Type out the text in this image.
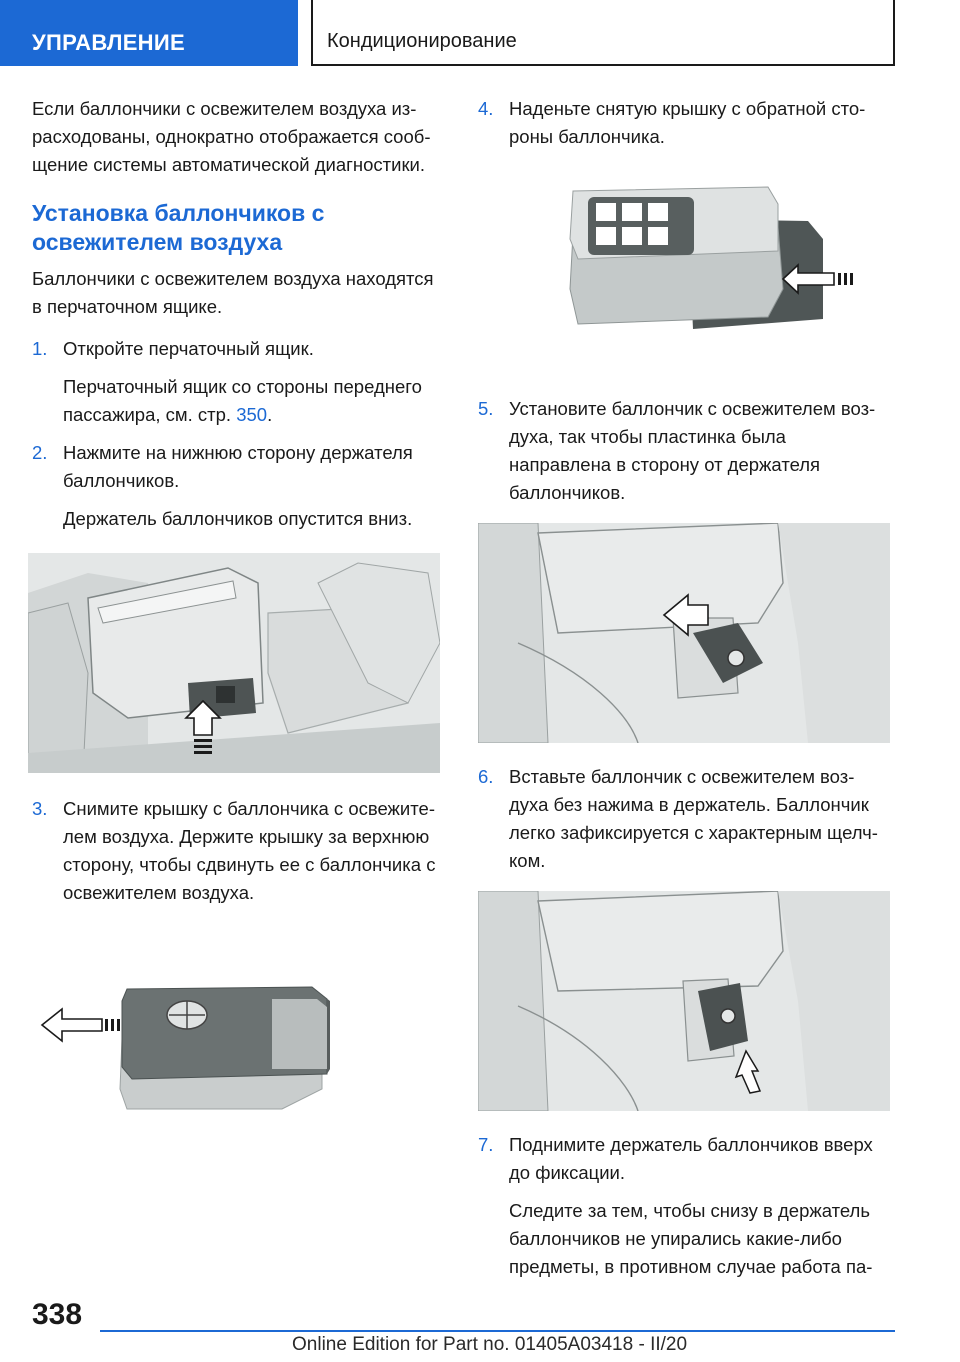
УПРАВЛЕНИЕ	Кондиционирование

Если баллончики с освежителем воздуха из-расходованы, однократно отображается сооб-щение системы автоматической диагностики.

Установка баллончиков с освежителем воздуха

Баллончики с освежителем воздуха находятся в перчаточном ящике.

1. Откройте перчаточный ящик.

Перчаточный ящик со стороны переднего пассажира, см. стр. 350.

2. Нажмите на нижнюю сторону держателя баллончиков.

Держатель баллончиков опустится вниз.

3. Снимите крышку с баллончика с освежите-лем воздуха. Держите крышку за верхнюю сторону, чтобы сдвинуть ее с баллончика с освежителем воздуха.
4. Наденьте снятую крышку с обратной сто-роны баллончика.
5. Установите баллончик с освежителем воз-духа, так чтобы пластинка была направлена в сторону от держателя баллончиков.
6. Вставьте баллончик с освежителем воз-духа без нажима в держатель. Баллончик легко зафиксируется с характерным щелч-ком.
7. Поднимите держатель баллончиков вверх до фиксации.

Следите за тем, чтобы снизу в держатель баллончиков не упирались какие-либо предметы, в противном случае работа па-

338
Online Edition for Part no. 01405A03418 - II/20
